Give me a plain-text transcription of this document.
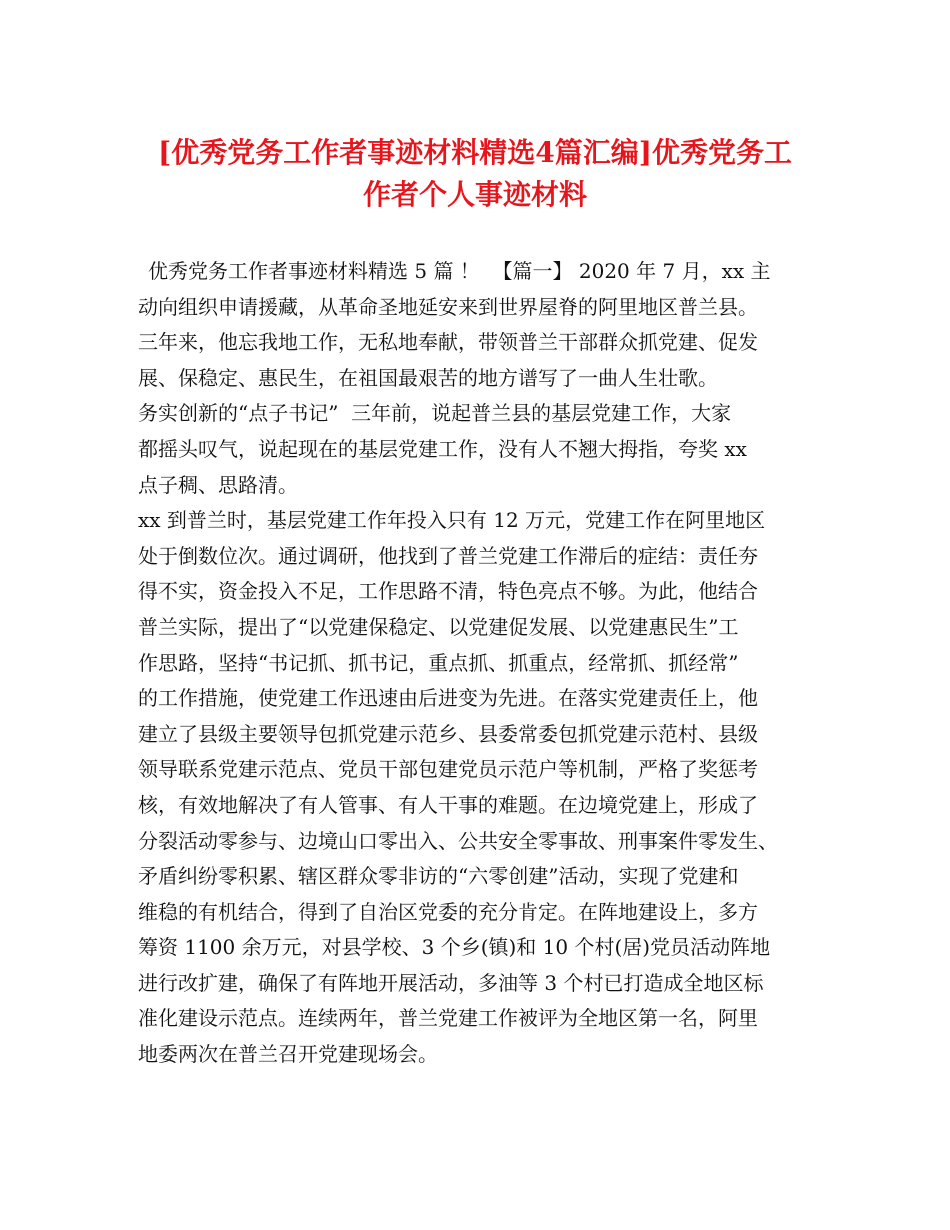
[优秀党务工作者事迹材料精选4篇汇编]优秀党务工
作者个人事迹材料
优秀党务工作者事迹材料精选 5 篇 ！  【篇一】 2020 年 7 月，xx 主
动向组织申请援藏，从革命圣地延安来到世界屋脊的阿里地区普兰县。
三年来，他忘我地工作，无私地奉献，带领普兰干部群众抓党建、促发
展、保稳定、惠民生，在祖国最艰苦的地方谱写了一曲人生壮歌。
务实创新的“点子书记”  三年前，说起普兰县的基层党建工作，大家
都摇头叹气，说起现在的基层党建工作，没有人不翘大拇指，夸奖 xx
点子稠、思路清。
xx 到普兰时，基层党建工作年投入只有 12 万元，党建工作在阿里地区
处于倒数位次。通过调研，他找到了普兰党建工作滞后的症结：责任夯
得不实，资金投入不足，工作思路不清，特色亮点不够。为此，他结合
普兰实际，提出了“以党建保稳定、以党建促发展、以党建惠民生”工
作思路，坚持“书记抓、抓书记，重点抓、抓重点，经常抓、抓经常”
的工作措施，使党建工作迅速由后进变为先进。在落实党建责任上，他
建立了县级主要领导包抓党建示范乡、县委常委包抓党建示范村、县级
领导联系党建示范点、党员干部包建党员示范户等机制，严格了奖惩考
核，有效地解决了有人管事、有人干事的难题。在边境党建上，形成了
分裂活动零参与、边境山口零出入、公共安全零事故、刑事案件零发生、
矛盾纠纷零积累、辖区群众零非访的“六零创建”活动，实现了党建和
维稳的有机结合，得到了自治区党委的充分肯定。在阵地建设上，多方
筹资 1100 余万元，对县学校、3 个乡(镇)和 10 个村(居)党员活动阵地
进行改扩建，确保了有阵地开展活动，多油等 3 个村已打造成全地区标
准化建设示范点。连续两年，普兰党建工作被评为全地区第一名，阿里
地委两次在普兰召开党建现场会。
